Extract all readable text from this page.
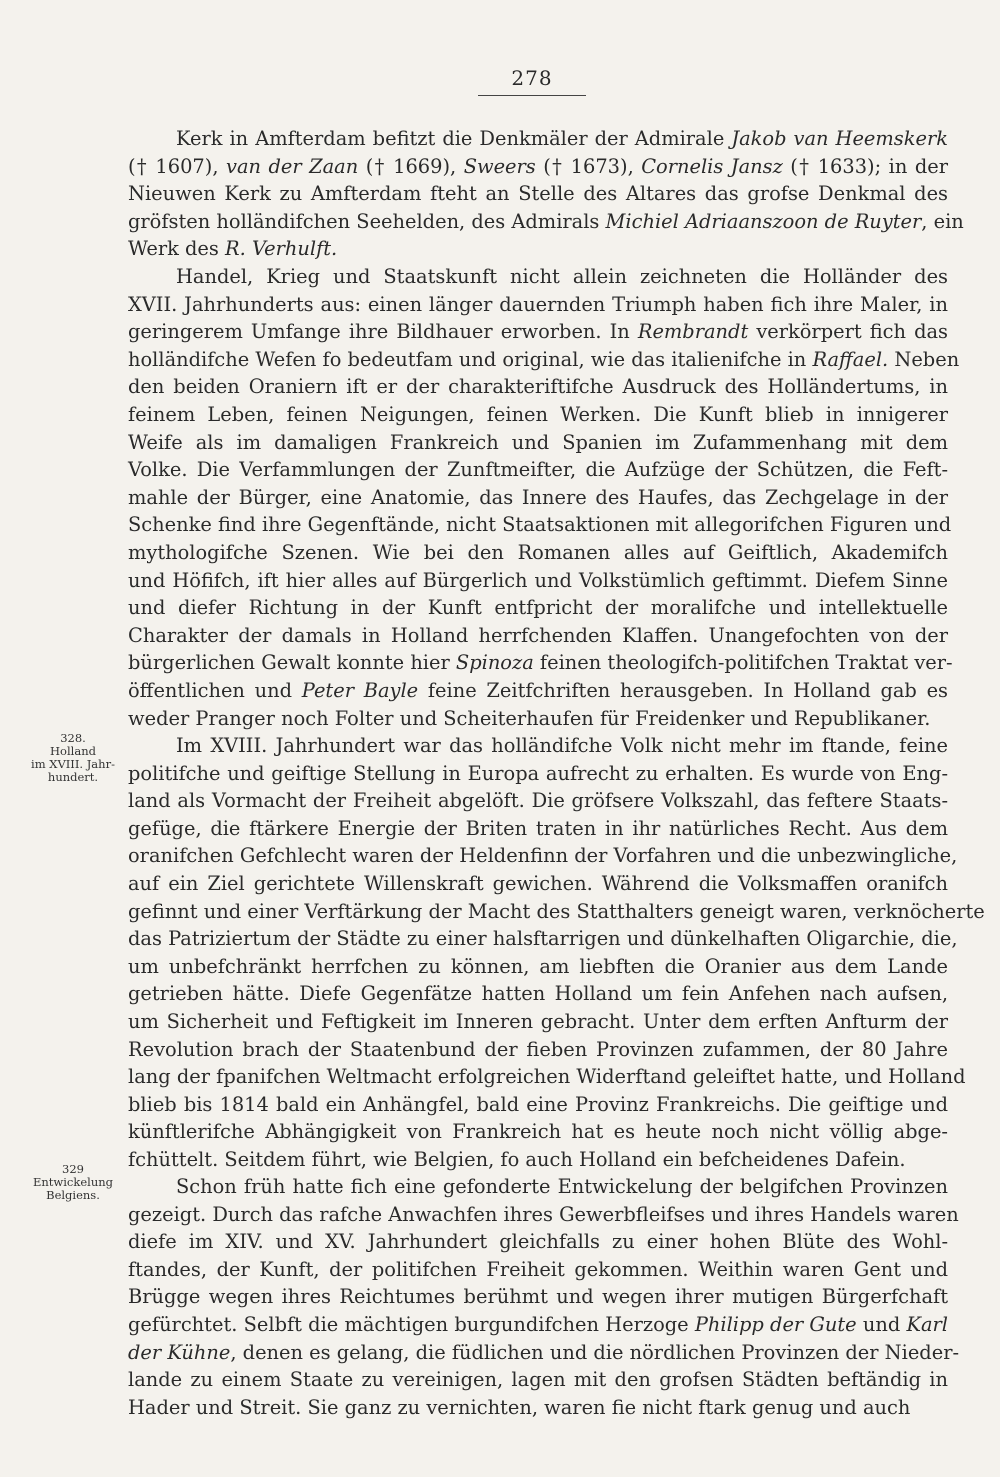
278
Kerk in Amfterdam befitzt die Denkmäler der Admirale Jakob van Heemskerk
(† 1607), van der Zaan († 1669), Sweers († 1673), Cornelis Jansz († 1633); in der
Nieuwen Kerk zu Amfterdam fteht an Stelle des Altares das grofse Denkmal des
gröfsten holländifchen Seehelden, des Admirals Michiel Adriaanszoon de Ruyter, ein
Werk des R. Verhulft.
Handel, Krieg und Staatskunft nicht allein zeichneten die Holländer des
XVII. Jahrhunderts aus: einen länger dauernden Triumph haben fich ihre Maler, in
geringerem Umfange ihre Bildhauer erworben. In Rembrandt verkörpert fich das
holländifche Wefen fo bedeutfam und original, wie das italienifche in Raffael. Neben
den beiden Oraniern ift er der charakteriftifche Ausdruck des Holländertums, in
feinem Leben, feinen Neigungen, feinen Werken. Die Kunft blieb in innigerer
Weife als im damaligen Frankreich und Spanien im Zufammenhang mit dem
Volke. Die Verfammlungen der Zunftmeifter, die Aufzüge der Schützen, die Feft-
mahle der Bürger, eine Anatomie, das Innere des Haufes, das Zechgelage in der
Schenke find ihre Gegenftände, nicht Staatsaktionen mit allegorifchen Figuren und
mythologifche Szenen. Wie bei den Romanen alles auf Geiftlich, Akademifch
und Höfifch, ift hier alles auf Bürgerlich und Volkstümlich geftimmt. Diefem Sinne
und diefer Richtung in der Kunft entfpricht der moralifche und intellektuelle
Charakter der damals in Holland herrfchenden Klaffen. Unangefochten von der
bürgerlichen Gewalt konnte hier Spinoza feinen theologifch-politifchen Traktat ver-
öffentlichen und Peter Bayle feine Zeitfchriften herausgeben. In Holland gab es
weder Pranger noch Folter und Scheiterhaufen für Freidenker und Republikaner.
Im XVIII. Jahrhundert war das holländifche Volk nicht mehr im ftande, feine
politifche und geiftige Stellung in Europa aufrecht zu erhalten. Es wurde von Eng-
land als Vormacht der Freiheit abgelöft. Die gröfsere Volkszahl, das feftere Staats-
gefüge, die ftärkere Energie der Briten traten in ihr natürliches Recht. Aus dem
oranifchen Gefchlecht waren der Heldenfinn der Vorfahren und die unbezwingliche,
auf ein Ziel gerichtete Willenskraft gewichen. Während die Volksmaffen oranifch
gefinnt und einer Verftärkung der Macht des Statthalters geneigt waren, verknöcherte
das Patriziertum der Städte zu einer halsftarrigen und dünkelhaften Oligarchie, die,
um unbefchränkt herrfchen zu können, am liebften die Oranier aus dem Lande
getrieben hätte. Diefe Gegenfätze hatten Holland um fein Anfehen nach aufsen,
um Sicherheit und Feftigkeit im Inneren gebracht. Unter dem erften Anfturm der
Revolution brach der Staatenbund der fieben Provinzen zufammen, der 80 Jahre
lang der fpanifchen Weltmacht erfolgreichen Widerftand geleiftet hatte, und Holland
blieb bis 1814 bald ein Anhängfel, bald eine Provinz Frankreichs. Die geiftige und
künftlerifche Abhängigkeit von Frankreich hat es heute noch nicht völlig abge-
fchüttelt. Seitdem führt, wie Belgien, fo auch Holland ein befcheidenes Dafein.
Schon früh hatte fich eine gefonderte Entwickelung der belgifchen Provinzen
gezeigt. Durch das rafche Anwachfen ihres Gewerbfleifses und ihres Handels waren
diefe im XIV. und XV. Jahrhundert gleichfalls zu einer hohen Blüte des Wohl-
ftandes, der Kunft, der politifchen Freiheit gekommen. Weithin waren Gent und
Brügge wegen ihres Reichtumes berühmt und wegen ihrer mutigen Bürgerfchaft
gefürchtet. Selbft die mächtigen burgundifchen Herzoge Philipp der Gute und Karl
der Kühne, denen es gelang, die füdlichen und die nördlichen Provinzen der Nieder-
lande zu einem Staate zu vereinigen, lagen mit den grofsen Städten beftändig in
Hader und Streit. Sie ganz zu vernichten, waren fie nicht ftark genug und auch
328.
Holland
im XVIII. Jahr-
hundert.
329
Entwickelung
Belgiens.
